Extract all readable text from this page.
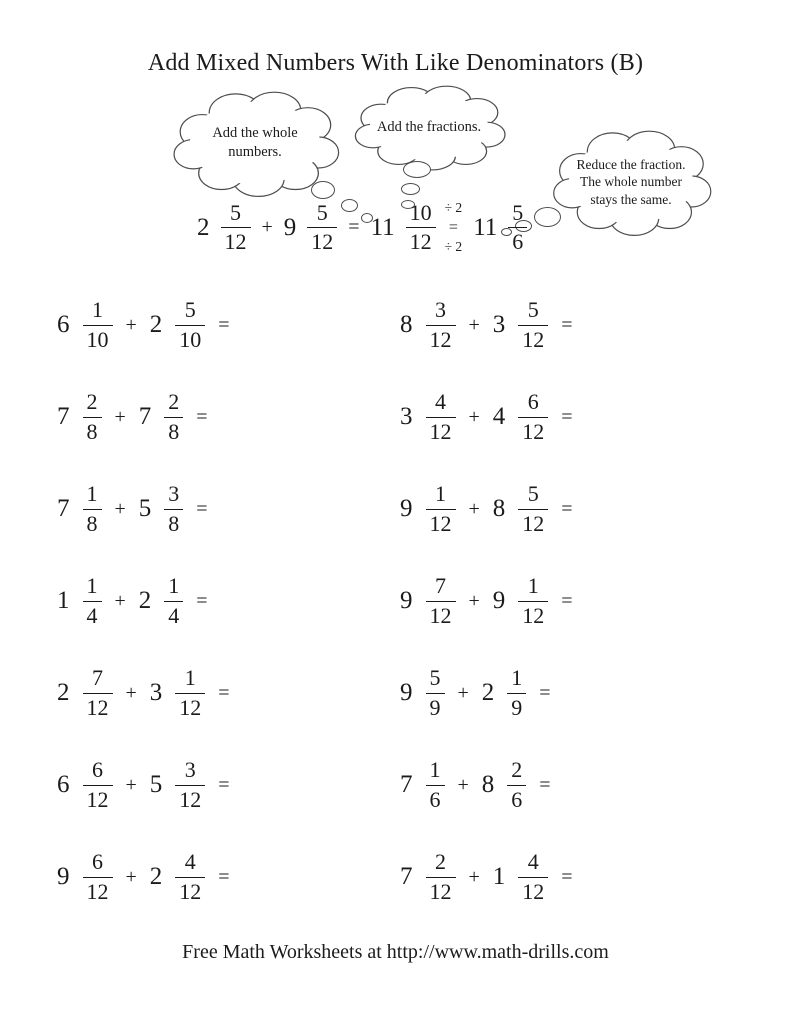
Add Mixed Numbers With Like Denominators (B)
Add the whole numbers.
Add the fractions.
Reduce the fraction. The whole number stays the same.
$2 \frac{5}{12} + 9 \frac{5}{12} = 11 \frac{10}{12} \div 2$
=
÷ 2
$11 \frac{5}{6}$
$6 \frac{1}{10} + 2 \frac{5}{10}$ =	$8 \frac{3}{12} + 3 \frac{5}{12}$ =
$7 \frac{2}{8} + 7 \frac{2}{8}$ =	$3 \frac{4}{12} + 4 \frac{6}{12}$ =
$7 \frac{1}{8} + 5 \frac{3}{8}$ =	$9 \frac{1}{12} + 8 \frac{5}{12}$ =
$1 \frac{1}{4} + 2 \frac{1}{4}$ =	$9 \frac{7}{12} + 9 \frac{1}{12}$ =
$2 \frac{7}{12} + 3 \frac{1}{12}$ =	$9 \frac{5}{9} + 2 \frac{1}{9}$ =
$6 \frac{6}{12} + 5 \frac{3}{12}$ =	$7 \frac{1}{6} + 8 \frac{2}{6}$ =
$9 \frac{6}{12} + 2 \frac{4}{12}$ =	$7 \frac{2}{12} + 1 \frac{4}{12}$ =
Free Math Worksheets at http://www.math-drills.com
